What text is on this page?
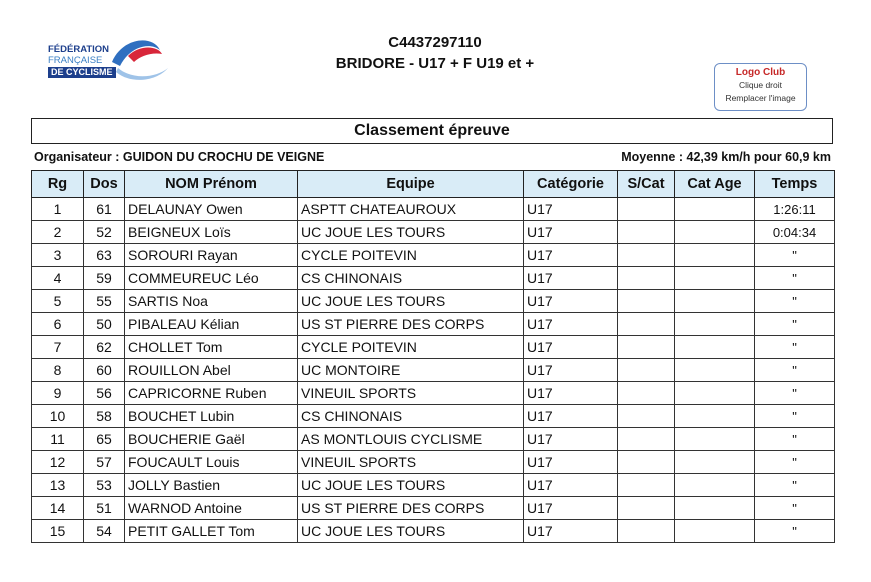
FÉDÉRATION
FRANÇAISE
DE CYCLISME
C4437297110
BRIDORE - U17 + F U19 et +
Logo Club
Clique droit
Remplacer l'image
Classement épreuve
Organisateur : GUIDON DU CROCHU DE VEIGNE	Moyenne : 42,39 km/h pour 60,9 km
Rg	Dos	NOM Prénom	Equipe	Catégorie	S/Cat	Cat Age	Temps
1	61	DELAUNAY Owen	ASPTT CHATEAUROUX	U17			1:26:11
2	52	BEIGNEUX Loïs	UC JOUE LES TOURS	U17			0:04:34
3	63	SOROURI Rayan	CYCLE POITEVIN	U17			"
4	59	COMMEUREUC Léo	CS CHINONAIS	U17			"
5	55	SARTIS Noa	UC JOUE LES TOURS	U17			"
6	50	PIBALEAU Kélian	US ST PIERRE DES CORPS	U17			"
7	62	CHOLLET Tom	CYCLE POITEVIN	U17			"
8	60	ROUILLON Abel	UC MONTOIRE	U17			"
9	56	CAPRICORNE Ruben	VINEUIL SPORTS	U17			"
10	58	BOUCHET Lubin	CS CHINONAIS	U17			"
11	65	BOUCHERIE Gaël	AS MONTLOUIS CYCLISME	U17			"
12	57	FOUCAULT Louis	VINEUIL SPORTS	U17			"
13	53	JOLLY Bastien	UC JOUE LES TOURS	U17			"
14	51	WARNOD Antoine	US ST PIERRE DES CORPS	U17			"
15	54	PETIT GALLET Tom	UC JOUE LES TOURS	U17			"
